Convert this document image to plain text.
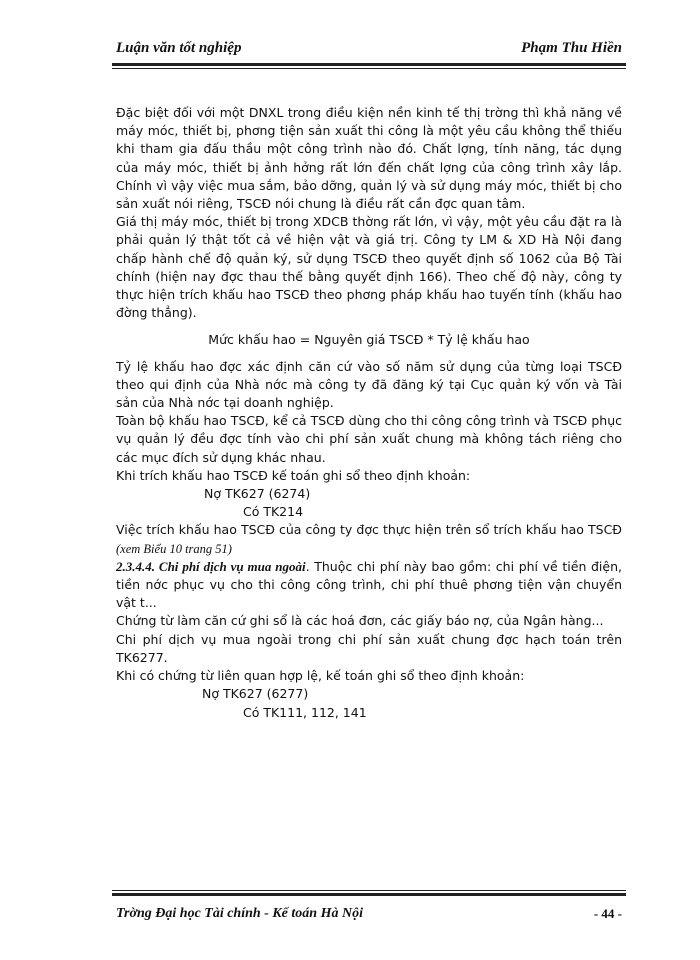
Luận văn tốt nghiệp	Phạm Thu Hiền

Đặc biệt đối với một DNXL trong điều kiện nền kinh tế thị trờng thì khả năng về máy móc, thiết bị, phơng tiện sản xuất thi công là một yêu cầu không thể thiếu khi tham gia đấu thầu một công trình nào đó. Chất lợng, tính năng, tác dụng của máy móc, thiết bị ảnh hởng rất lớn đến chất lợng của công trình xây lắp. Chính vì vậy việc mua sắm, bảo dỡng, quản lý và sử dụng máy móc, thiết bị cho sản xuất nói riêng, TSCĐ nói chung là điều rất cần đợc quan tâm.

Giá thị máy móc, thiết bị trong XDCB thờng rất lớn, vì vậy, một yêu cầu đặt ra là phải quản lý thật tốt cả về hiện vật và giá trị. Công ty LM & XD Hà Nội đang chấp hành chế độ quản ký, sử dụng TSCĐ theo quyết định số 1062 của Bộ Tài chính (hiện nay đợc thau thế bằng quyết định 166). Theo chế độ này, công ty thực hiện trích khấu hao TSCĐ theo phơng pháp khấu hao tuyến tính (khấu hao đờng thẳng).

Mức khấu hao = Nguyên giá TSCĐ * Tỷ lệ khấu hao

Tỷ lệ khấu hao đợc xác định căn cứ vào số năm sử dụng của từng loại TSCĐ theo qui định của Nhà nớc mà công ty đã đăng ký tại Cục quản ký vốn và Tài sản của Nhà nớc tại doanh nghiệp.

Toàn bộ khấu hao TSCĐ, kể cả TSCĐ dùng cho thi công công trình và TSCĐ phục vụ quản lý đều đợc tính vào chi phí sản xuất chung mà không tách riêng cho các mục đích sử dụng khác nhau.

Khi trích khấu hao TSCĐ kế toán ghi sổ theo định khoản:

Nợ TK627 (6274)

Có TK214

Việc trích khấu hao TSCĐ của công ty đợc thực hiện trên sổ trích khấu hao TSCĐ (xem Biểu 10 trang 51)

2.3.4.4. Chi phí dịch vụ mua ngoài. Thuộc chi phí này bao gồm: chi phí về tiền điện, tiền nớc phục vụ cho thi công công trình, chi phí thuê phơng tiện vận chuyển vật t...

Chứng từ làm căn cứ ghi sổ là các hoá đơn, các giấy báo nợ, của Ngân hàng...

Chi phí dịch vụ mua ngoài trong chi phí sản xuất chung đợc hạch toán trên TK6277.

Khi có chứng từ liên quan hợp lệ, kế toán ghi sổ theo định khoản:

Nợ TK627 (6277)

Có TK111, 112, 141

Trờng Đại học Tài chính - Kế toán Hà Nội	- 44 -
